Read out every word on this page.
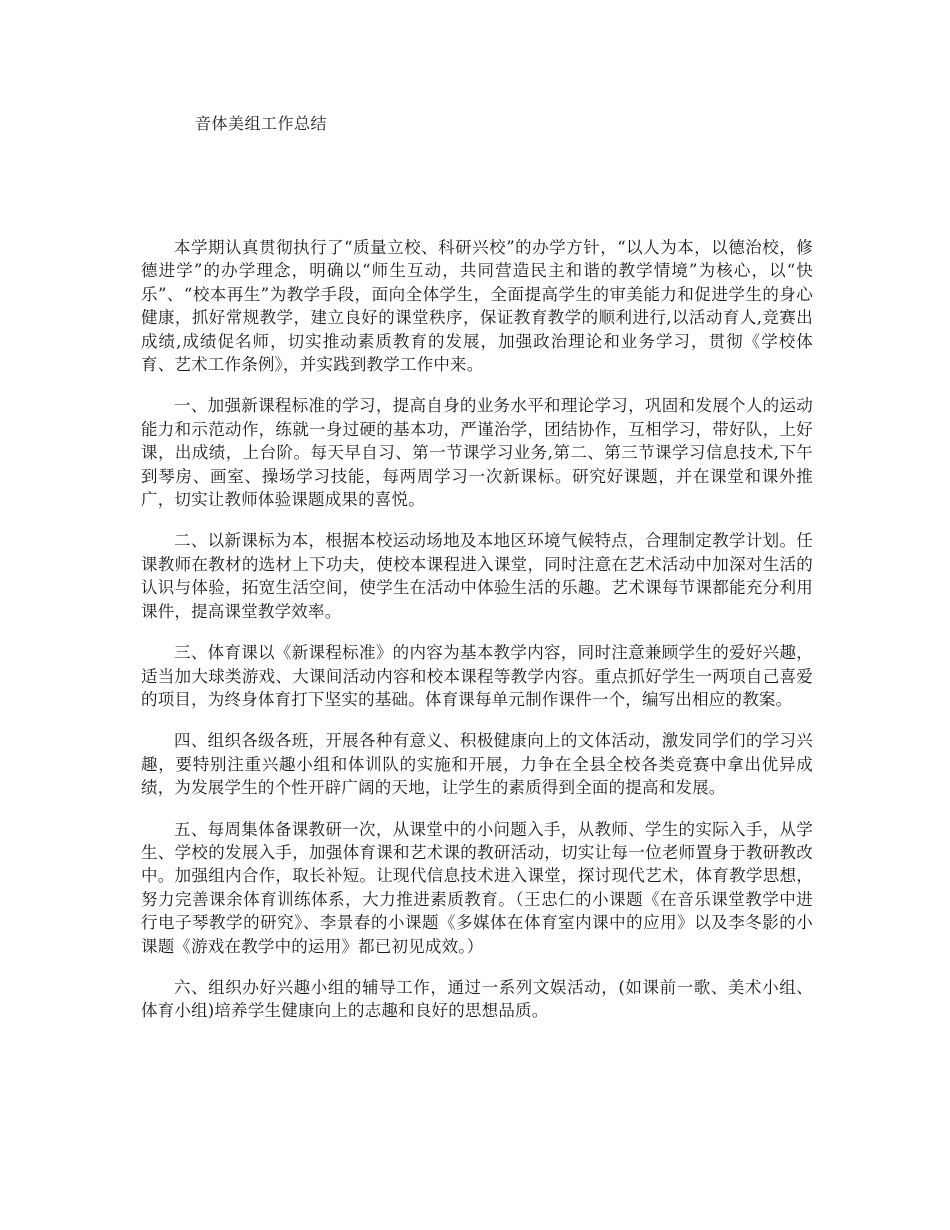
音体美组工作总结

本学期认真贯彻执行了“质量立校、科研兴校”的办学方针，“以人为本，以德治校，修德进学”的办学理念，明确以“师生互动，共同营造民主和谐的教学情境”为核心，以“快乐”、“校本再生”为教学手段，面向全体学生，全面提高学生的审美能力和促进学生的身心健康，抓好常规教学，建立良好的课堂秩序，保证教育教学的顺利进行,以活动育人,竞赛出成绩,成绩促名师，切实推动素质教育的发展，加强政治理论和业务学习，贯彻《学校体育、艺术工作条例》，并实践到教学工作中来。

一、加强新课程标准的学习，提高自身的业务水平和理论学习，巩固和发展个人的运动能力和示范动作，练就一身过硬的基本功，严谨治学，团结协作，互相学习，带好队，上好课，出成绩，上台阶。每天早自习、第一节课学习业务,第二、第三节课学习信息技术,下午到琴房、画室、操场学习技能，每两周学习一次新课标。研究好课题，并在课堂和课外推广，切实让教师体验课题成果的喜悦。

二、以新课标为本，根据本校运动场地及本地区环境气候特点，合理制定教学计划。任课教师在教材的选材上下功夫，使校本课程进入课堂，同时注意在艺术活动中加深对生活的认识与体验，拓宽生活空间，使学生在活动中体验生活的乐趣。艺术课每节课都能充分利用课件，提高课堂教学效率。

三、体育课以《新课程标准》的内容为基本教学内容，同时注意兼顾学生的爱好兴趣，适当加大球类游戏、大课间活动内容和校本课程等教学内容。重点抓好学生一两项自己喜爱的项目，为终身体育打下坚实的基础。体育课每单元制作课件一个，编写出相应的教案。

四、组织各级各班，开展各种有意义、积极健康向上的文体活动，激发同学们的学习兴趣，要特别注重兴趣小组和体训队的实施和开展，力争在全县全校各类竞赛中拿出优异成绩，为发展学生的个性开辟广阔的天地，让学生的素质得到全面的提高和发展。

五、每周集体备课教研一次，从课堂中的小问题入手，从教师、学生的实际入手，从学生、学校的发展入手，加强体育课和艺术课的教研活动，切实让每一位老师置身于教研教改中。加强组内合作，取长补短。让现代信息技术进入课堂，探讨现代艺术，体育教学思想，努力完善课余体育训练体系，大力推进素质教育。（王忠仁的小课题《在音乐课堂教学中进行电子琴教学的研究》、李景春的小课题《多媒体在体育室内课中的应用》以及李冬影的小课题《游戏在教学中的运用》都已初见成效。）

六、组织办好兴趣小组的辅导工作，通过一系列文娱活动，(如课前一歌、美术小组、体育小组)培养学生健康向上的志趣和良好的思想品质。
